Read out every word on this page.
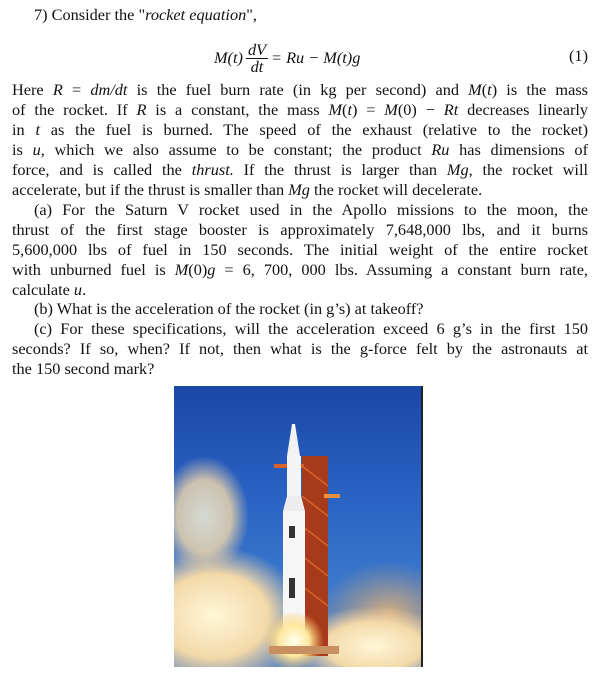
7) Consider the "rocket equation",
$M(t) \frac{dV}{dt} = Ru - M(t)g$	(1)
Here R = dm/dt is the fuel burn rate (in kg per second) and M(t) is the mass
of the rocket. If R is a constant, the mass M(t) = M(0) − Rt decreases linearly
in t as the fuel is burned. The speed of the exhaust (relative to the rocket)
is u, which we also assume to be constant; the product Ru has dimensions of
force, and is called the thrust. If the thrust is larger than Mg, the rocket will
accelerate, but if the thrust is smaller than Mg the rocket will decelerate.
(a) For the Saturn V rocket used in the Apollo missions to the moon, the
thrust of the first stage booster is approximately 7,648,000 lbs, and it burns
5,600,000 lbs of fuel in 150 seconds. The initial weight of the entire rocket
with unburned fuel is M(0)g = 6, 700, 000 lbs. Assuming a constant burn rate,
calculate u.
(b) What is the acceleration of the rocket (in g’s) at takeoff?
(c) For these specifications, will the acceleration exceed 6 g’s in the first 150
seconds? If so, when? If not, then what is the g-force felt by the astronauts at
the 150 second mark?
